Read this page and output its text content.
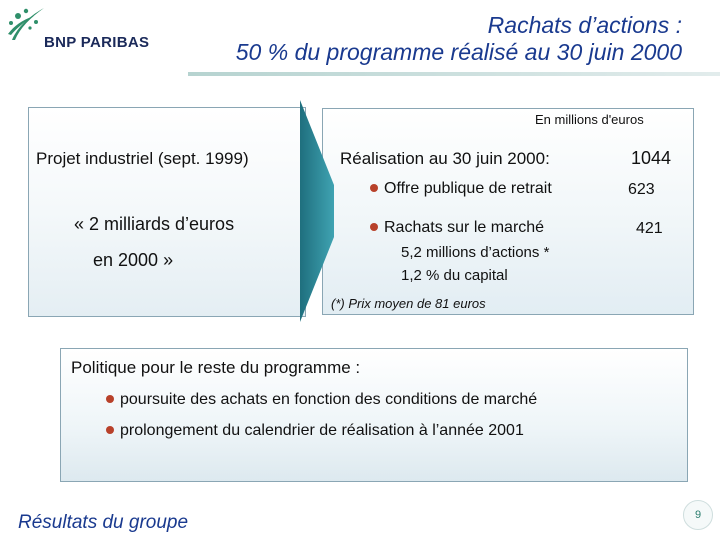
BNP PARIBAS
Rachats d’actions :
50 % du programme réalisé au 30 juin 2000
En millions d'euros
Projet industriel (sept. 1999)
« 2 milliards d’euros
en 2000 »
Réalisation au 30 juin 2000:	1044
Offre publique de retrait	623
Rachats sur le marché	421
5,2 millions d’actions *
1,2 % du capital
(*) Prix moyen de 81 euros
Politique pour le reste du programme :
poursuite des achats en fonction des conditions de marché
prolongement du calendrier de réalisation à l’année 2001
Résultats du groupe	9
